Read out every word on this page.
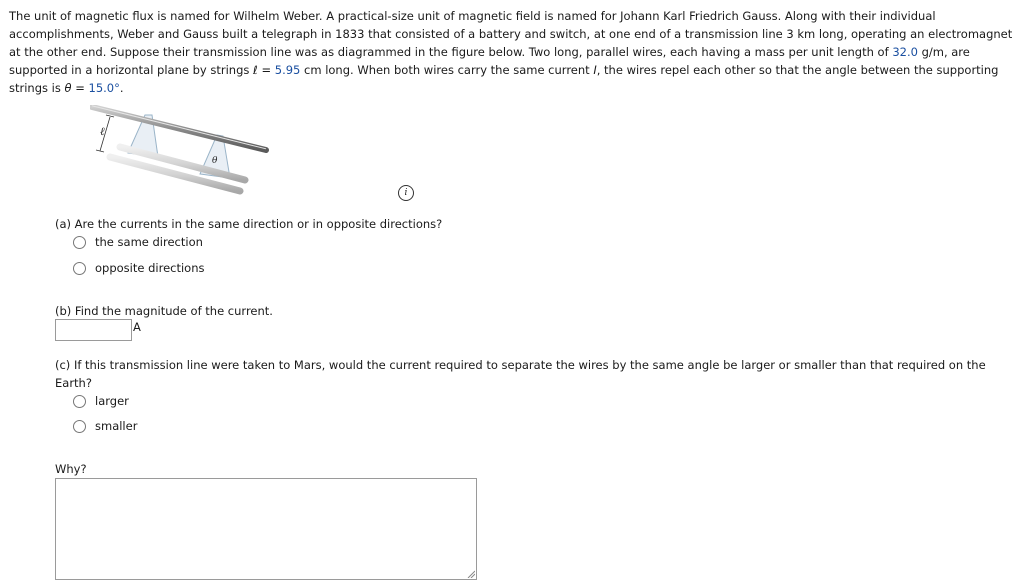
The unit of magnetic flux is named for Wilhelm Weber. A practical-size unit of magnetic field is named for Johann Karl Friedrich Gauss. Along with their individual accomplishments, Weber and Gauss built a telegraph in 1833 that consisted of a battery and switch, at one end of a transmission line 3 km long, operating an electromagnet at the other end. Suppose their transmission line was as diagrammed in the figure below. Two long, parallel wires, each having a mass per unit length of 32.0 g/m, are supported in a horizontal plane by strings ℓ = 5.95 cm long. When both wires carry the same current I, the wires repel each other so that the angle between the supporting strings is θ = 15.0°.
ℓ
θ
i
(a) Are the currents in the same direction or in opposite directions?
the same direction
opposite directions
(b) Find the magnitude of the current.
A
(c) If this transmission line were taken to Mars, would the current required to separate the wires by the same angle be larger or smaller than that required on the Earth?
larger
smaller
Why?
